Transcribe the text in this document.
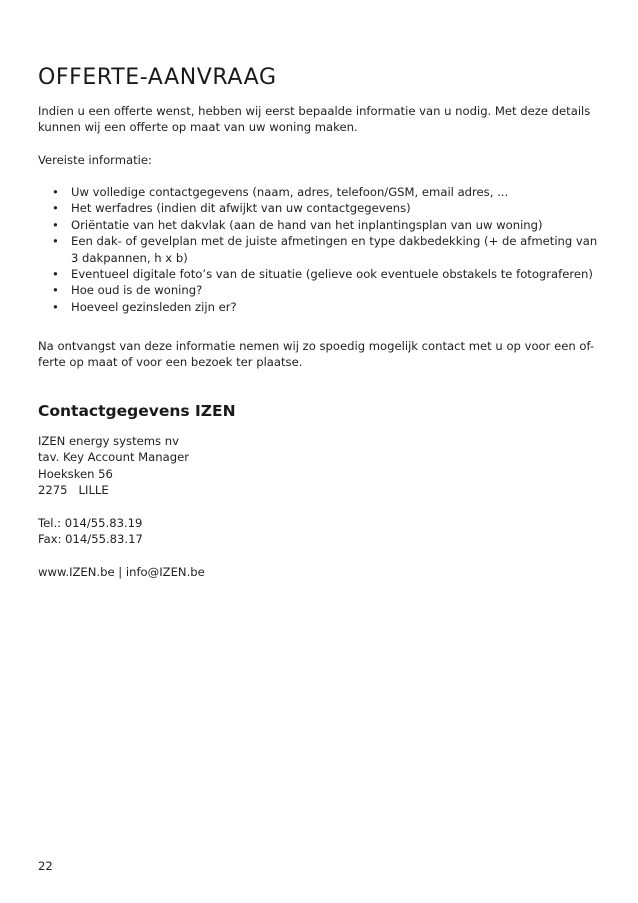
OFFERTE-AANVRAAG

Indien u een offerte wenst, hebben wij eerst bepaalde informatie van u nodig. Met deze details kunnen wij een offerte op maat van uw woning maken.

Vereiste informatie:

• Uw volledige contactgegevens (naam, adres, telefoon/GSM, email adres, ...
• Het werfadres (indien dit afwijkt van uw contactgegevens)
• Oriëntatie van het dakvlak (aan de hand van het inplantingsplan van uw woning)
• Een dak- of gevelplan met de juiste afmetingen en type dakbedekking (+ de afmeting van 3 dakpannen, h x b)
• Eventueel digitale foto’s van de situatie (gelieve ook eventuele obstakels te fotograferen)
• Hoe oud is de woning?
• Hoeveel gezinsleden zijn er?

Na ontvangst van deze informatie nemen wij zo spoedig mogelijk contact met u op voor een of-ferte op maat of voor een bezoek ter plaatse.

Contactgegevens IZEN
IZEN energy systems nv
tav. Key Account Manager
Hoeksken 56
2275   LILLE
Tel.: 014/55.83.19
Fax: 014/55.83.17
www.IZEN.be | info@IZEN.be

22
